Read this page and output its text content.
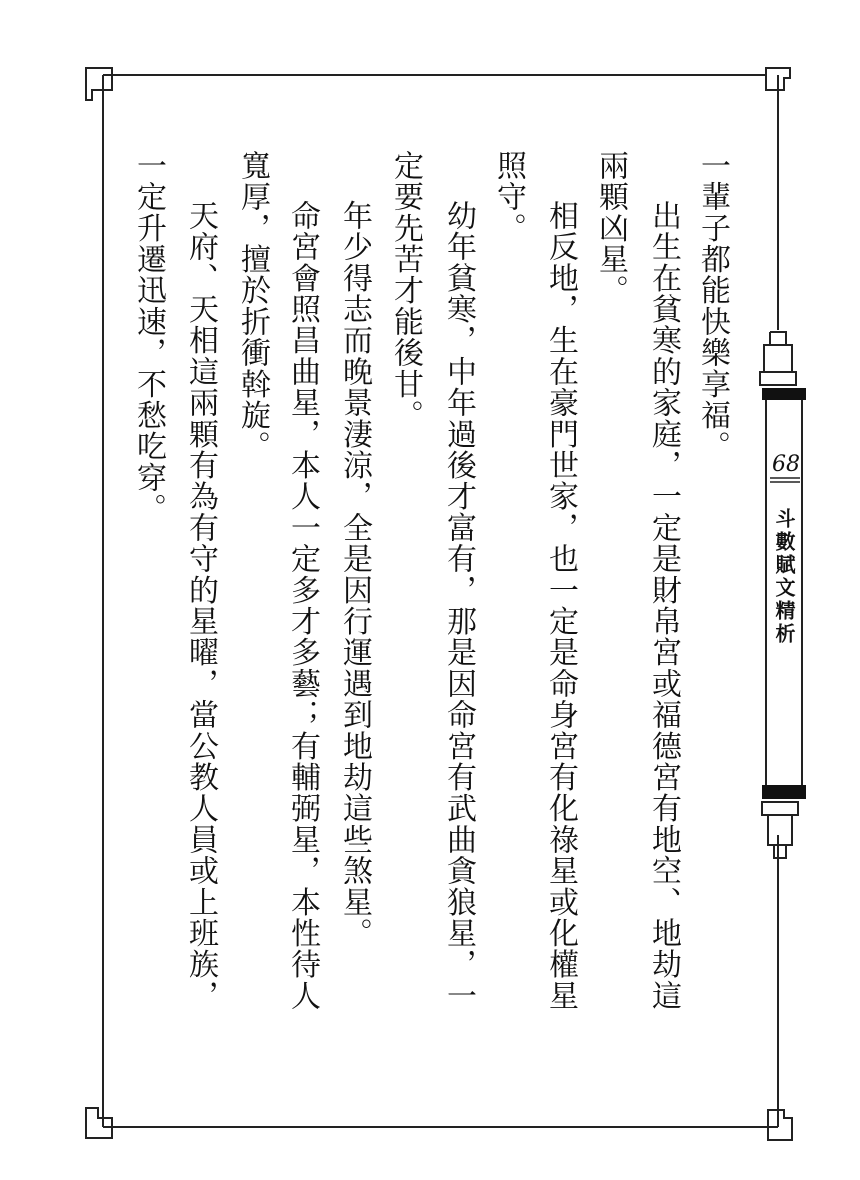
68
斗數賦文精析
一輩子都能快樂享福。
出生在貧寒的家庭，一定是財帛宮或福德宮有地空、地劫這
兩顆凶星。
相反地，生在豪門世家，也一定是命身宮有化祿星或化權星
照守。
幼年貧寒，中年過後才富有，那是因命宮有武曲貪狼星，一
定要先苦才能後甘。
年少得志而晚景淒涼，全是因行運遇到地劫這些煞星。
命宮會照昌曲星，本人一定多才多藝；有輔弼星，本性待人
寬厚，擅於折衝斡旋。
天府、天相這兩顆有為有守的星曜，當公教人員或上班族，
一定升遷迅速，不愁吃穿。
